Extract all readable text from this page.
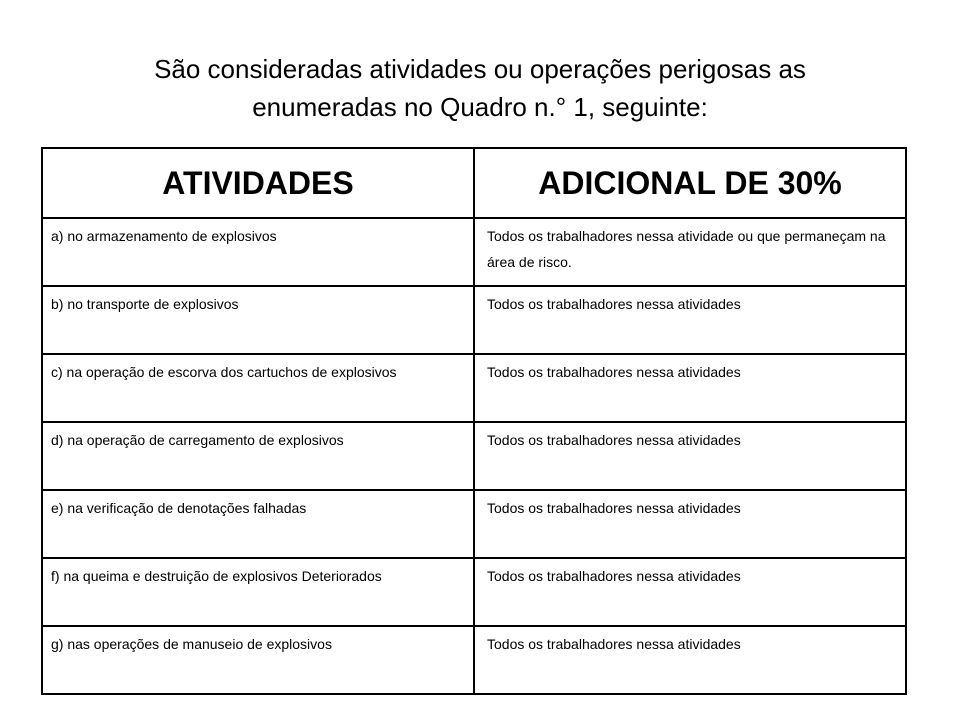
São consideradas atividades ou operações perigosas as
enumeradas no Quadro n.° 1, seguinte:
ATIVIDADES	ADICIONAL DE 30%

a) no armazenamento de explosivos	Todos os trabalhadores nessa atividade ou que permaneçam na área de risco.

b) no transporte de explosivos	Todos os trabalhadores nessa atividades

c) na operação de escorva dos cartuchos de explosivos	Todos os trabalhadores nessa atividades

d) na operação de carregamento de explosivos	Todos os trabalhadores nessa atividades

e) na verificação de denotações falhadas	Todos os trabalhadores nessa atividades

f) na queima e destruição de explosivos Deteriorados	Todos os trabalhadores nessa atividades

g) nas operações de manuseio de explosivos	Todos os trabalhadores nessa atividades
